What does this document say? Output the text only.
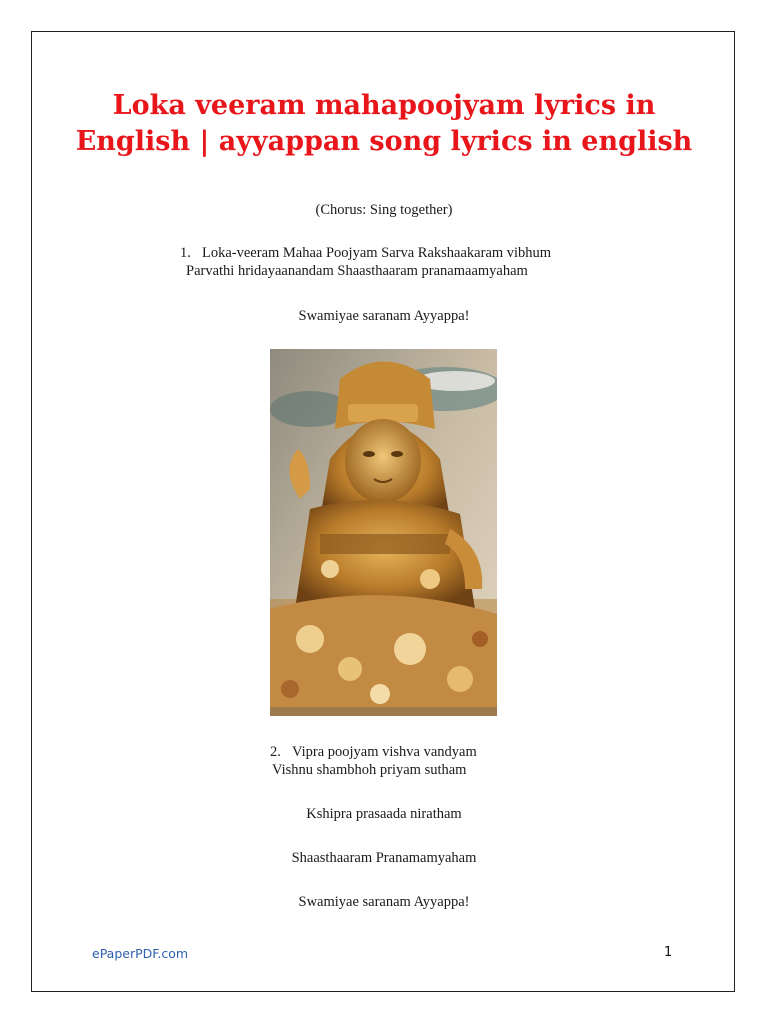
Loka veeram mahapoojyam lyrics in
English | ayyappan song lyrics in english
(Chorus: Sing together)
1. Loka-veeram Mahaa Poojyam Sarva Rakshaakaram vibhum
Parvathi hridayaanandam Shaasthaaram pranamaamyaham
Swamiyae saranam Ayyappa!
2. Vipra poojyam vishva vandyam
Vishnu shambhoh priyam sutham
Kshipra prasaada niratham
Shaasthaaram Pranamamyaham
Swamiyae saranam Ayyappa!
ePaperPDF.com	1
